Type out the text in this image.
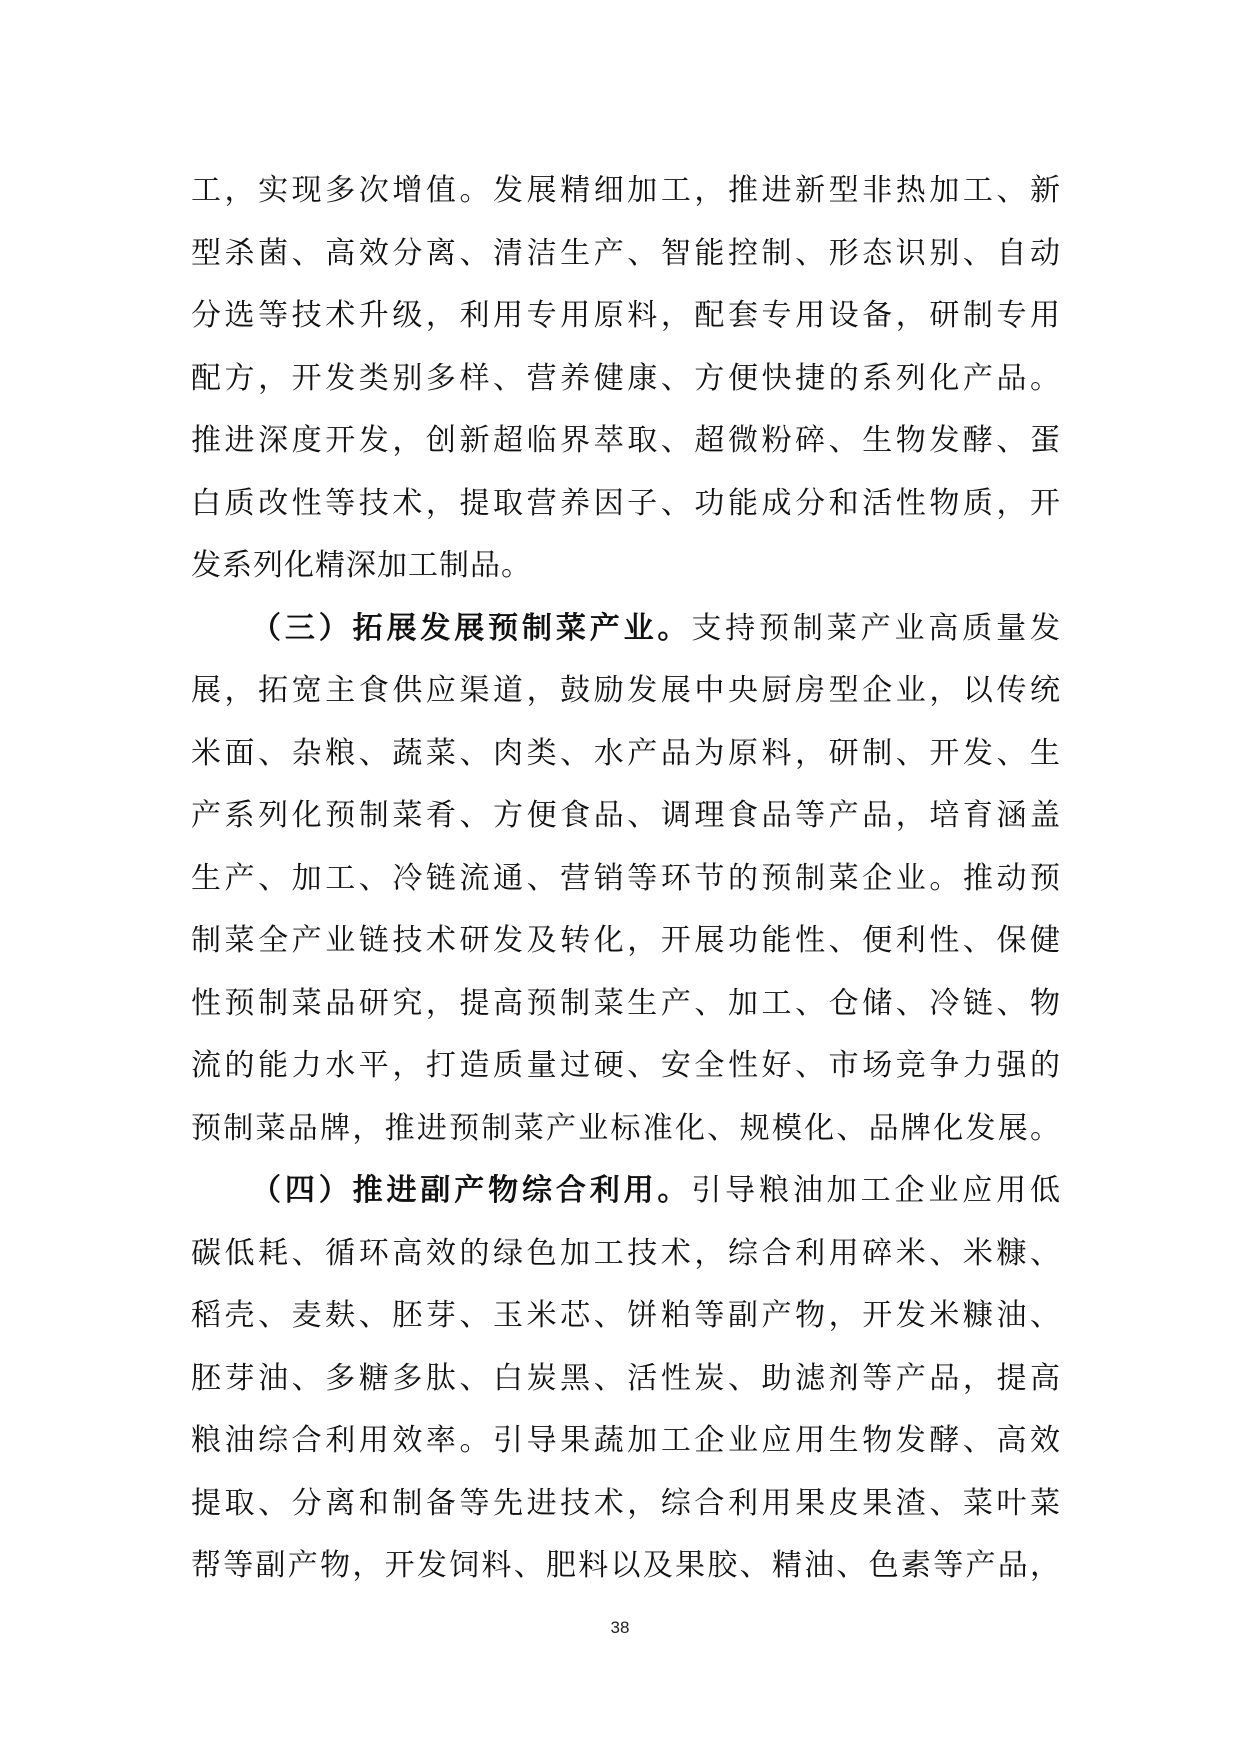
工，实现多次增值。发展精细加工，推进新型非热加工、新
型杀菌、高效分离、清洁生产、智能控制、形态识别、自动
分选等技术升级，利用专用原料，配套专用设备，研制专用
配方，开发类别多样、营养健康、方便快捷的系列化产品。
推进深度开发，创新超临界萃取、超微粉碎、生物发酵、蛋
白质改性等技术，提取营养因子、功能成分和活性物质，开
发系列化精深加工制品。
（三）拓展发展预制菜产业。支持预制菜产业高质量发
展，拓宽主食供应渠道，鼓励发展中央厨房型企业，以传统
米面、杂粮、蔬菜、肉类、水产品为原料，研制、开发、生
产系列化预制菜肴、方便食品、调理食品等产品，培育涵盖
生产、加工、冷链流通、营销等环节的预制菜企业。推动预
制菜全产业链技术研发及转化，开展功能性、便利性、保健
性预制菜品研究，提高预制菜生产、加工、仓储、冷链、物
流的能力水平，打造质量过硬、安全性好、市场竞争力强的
预制菜品牌，推进预制菜产业标准化、规模化、品牌化发展。
（四）推进副产物综合利用。引导粮油加工企业应用低
碳低耗、循环高效的绿色加工技术，综合利用碎米、米糠、
稻壳、麦麸、胚芽、玉米芯、饼粕等副产物，开发米糠油、
胚芽油、多糖多肽、白炭黑、活性炭、助滤剂等产品，提高
粮油综合利用效率。引导果蔬加工企业应用生物发酵、高效
提取、分离和制备等先进技术，综合利用果皮果渣、菜叶菜
帮等副产物，开发饲料、肥料以及果胶、精油、色素等产品，
38
